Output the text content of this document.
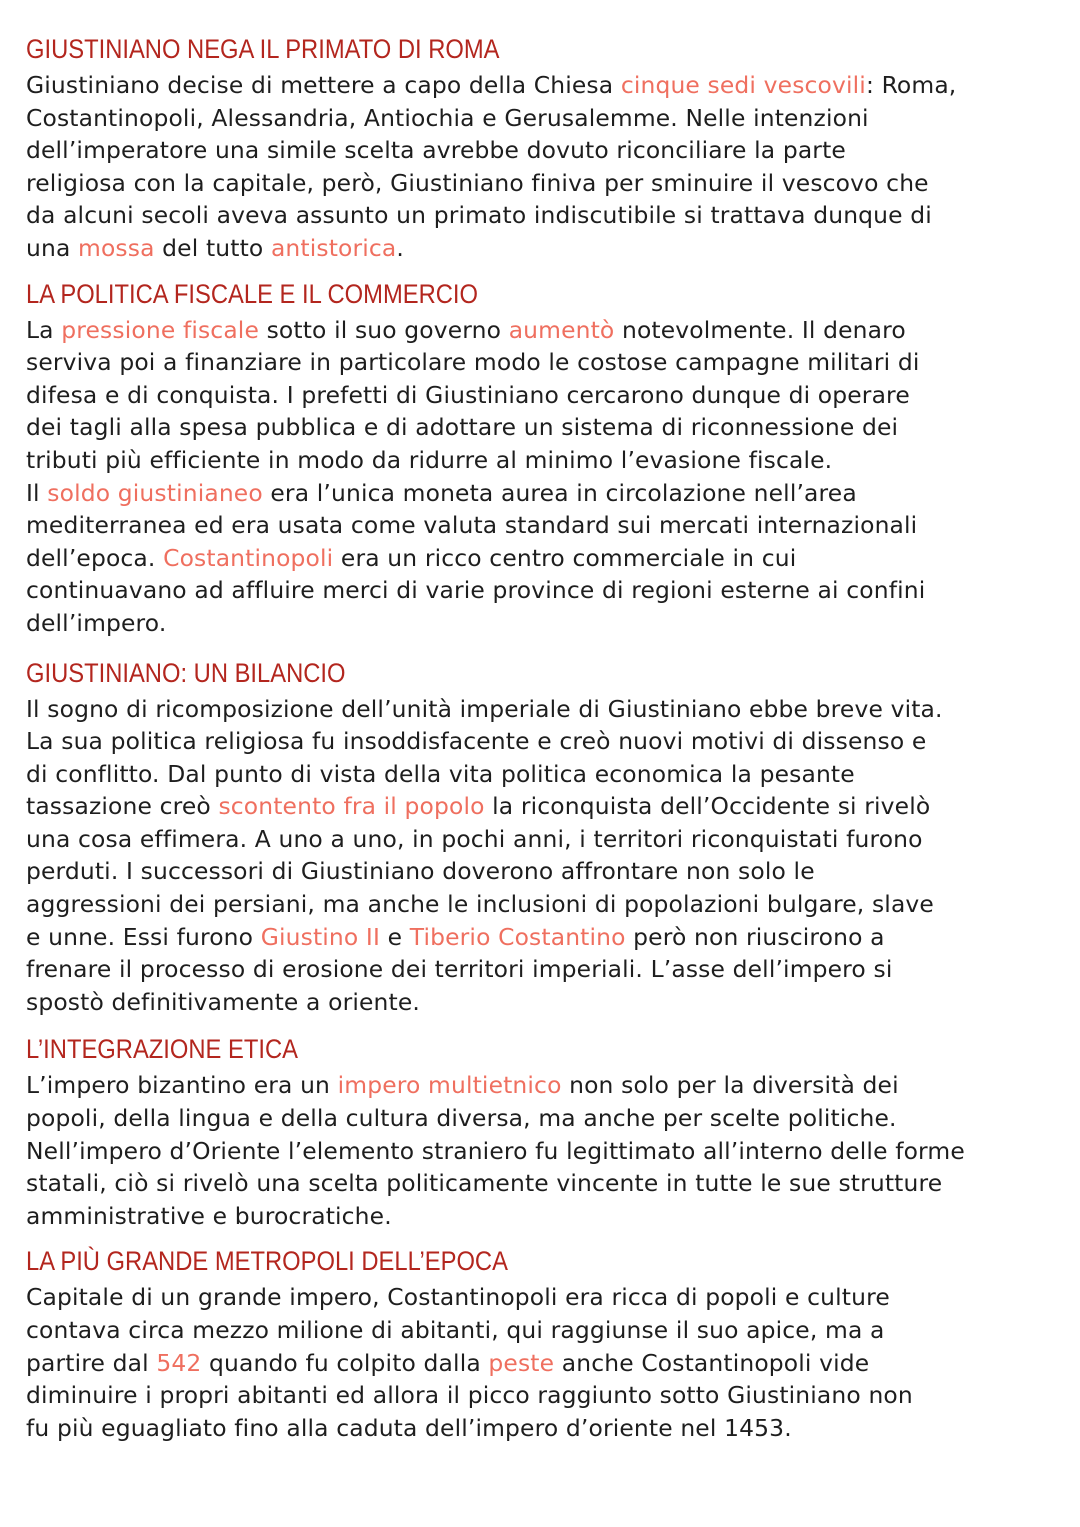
GIUSTINIANO NEGA IL PRIMATO DI ROMA
Giustiniano decise di mettere a capo della Chiesa cinque sedi vescovili: Roma,
Costantinopoli, Alessandria, Antiochia e Gerusalemme. Nelle intenzioni
dell’imperatore una simile scelta avrebbe dovuto riconciliare la parte
religiosa con la capitale, però, Giustiniano finiva per sminuire il vescovo che
da alcuni secoli aveva assunto un primato indiscutibile si trattava dunque di
una mossa del tutto antistorica.
LA POLITICA FISCALE E IL COMMERCIO
La pressione fiscale sotto il suo governo aumentò notevolmente. Il denaro
serviva poi a finanziare in particolare modo le costose campagne militari di
difesa e di conquista. I prefetti di Giustiniano cercarono dunque di operare
dei tagli alla spesa pubblica e di adottare un sistema di riconnessione dei
tributi più efficiente in modo da ridurre al minimo l’evasione fiscale.
Il soldo giustinianeo era l’unica moneta aurea in circolazione nell’area
mediterranea ed era usata come valuta standard sui mercati internazionali
dell’epoca. Costantinopoli era un ricco centro commerciale in cui
continuavano ad affluire merci di varie province di regioni esterne ai confini
dell’impero.
GIUSTINIANO: UN BILANCIO
Il sogno di ricomposizione dell’unità imperiale di Giustiniano ebbe breve vita.
La sua politica religiosa fu insoddisfacente e creò nuovi motivi di dissenso e
di conflitto. Dal punto di vista della vita politica economica la pesante
tassazione creò scontento fra il popolo la riconquista dell’Occidente si rivelò
una cosa effimera. A uno a uno, in pochi anni, i territori riconquistati furono
perduti. I successori di Giustiniano doverono affrontare non solo le
aggressioni dei persiani, ma anche le inclusioni di popolazioni bulgare, slave
e unne. Essi furono Giustino II e Tiberio Costantino però non riuscirono a
frenare il processo di erosione dei territori imperiali. L’asse dell’impero si
spostò definitivamente a oriente.
L’INTEGRAZIONE ETICA
L’impero bizantino era un impero multietnico non solo per la diversità dei
popoli, della lingua e della cultura diversa, ma anche per scelte politiche.
Nell’impero d’Oriente l’elemento straniero fu legittimato all’interno delle forme
statali, ciò si rivelò una scelta politicamente vincente in tutte le sue strutture
amministrative e burocratiche.
LA PIÙ GRANDE METROPOLI DELL’EPOCA
Capitale di un grande impero, Costantinopoli era ricca di popoli e culture
contava circa mezzo milione di abitanti, qui raggiunse il suo apice, ma a
partire dal 542 quando fu colpito dalla peste anche Costantinopoli vide
diminuire i propri abitanti ed allora il picco raggiunto sotto Giustiniano non
fu più eguagliato fino alla caduta dell’impero d’oriente nel 1453.
